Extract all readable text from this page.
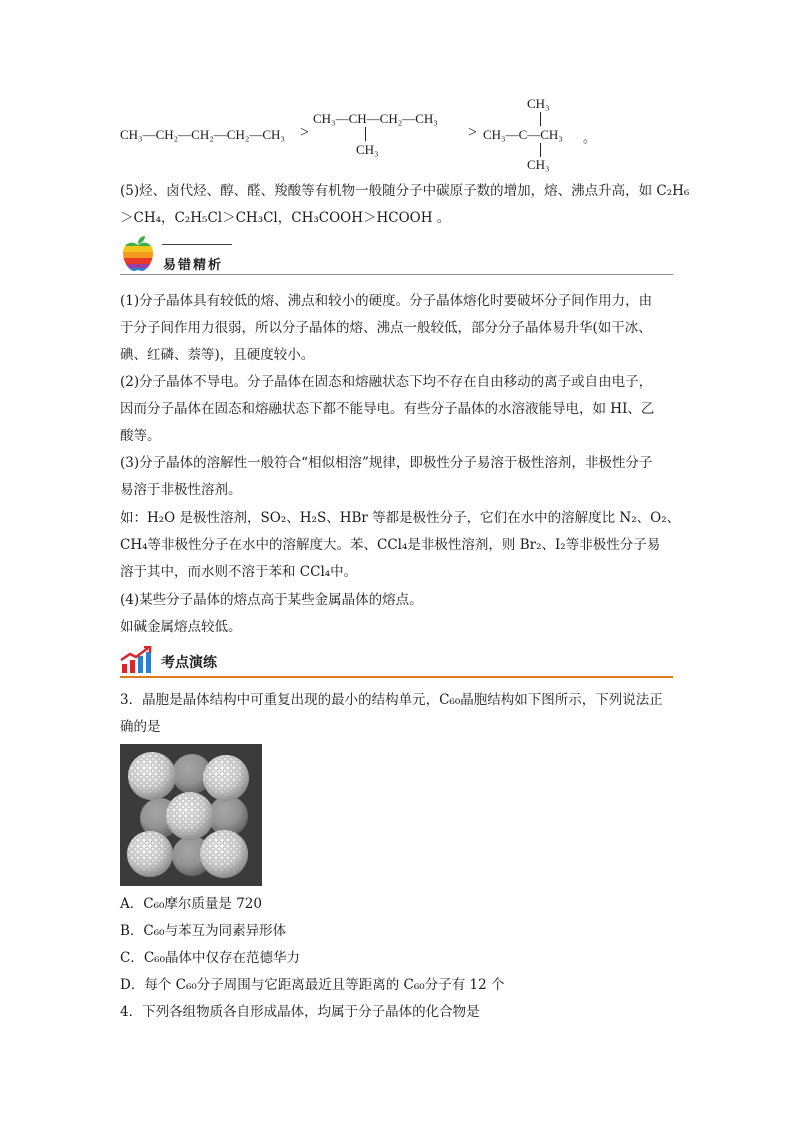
CH₃—CH₂—CH₂—CH₂—CH₃ >
CH₃—CH—CH₂—CH₃
CH₃
>
CH₃
CH₃—C—CH₃
CH₃
。
(5)烃、卤代烃、醇、醛、羧酸等有机物一般随分子中碳原子数的增加，熔、沸点升高，如 C₂H₆
＞CH₄，C₂H₅Cl＞CH₃Cl，CH₃COOH＞HCOOH 。
易错精析
(1)分子晶体具有较低的熔、沸点和较小的硬度。分子晶体熔化时要破坏分子间作用力，由
于分子间作用力很弱，所以分子晶体的熔、沸点一般较低，部分分子晶体易升华(如干冰、
碘、红磷、萘等)，且硬度较小。
(2)分子晶体不导电。分子晶体在固态和熔融状态下均不存在自由移动的离子或自由电子，
因而分子晶体在固态和熔融状态下都不能导电。有些分子晶体的水溶液能导电，如 HI、乙
酸等。
(3)分子晶体的溶解性一般符合“相似相溶”规律，即极性分子易溶于极性溶剂，非极性分子
易溶于非极性溶剂。
如：H₂O 是极性溶剂，SO₂、H₂S、HBr 等都是极性分子，它们在水中的溶解度比 N₂、O₂、
CH₄等非极性分子在水中的溶解度大。苯、CCl₄是非极性溶剂，则 Br₂、I₂等非极性分子易
溶于其中，而水则不溶于苯和 CCl₄中。
(4)某些分子晶体的熔点高于某些金属晶体的熔点。
如碱金属熔点较低。
考点演练
3．晶胞是晶体结构中可重复出现的最小的结构单元，C₆₀晶胞结构如下图所示，下列说法正
确的是
A．C₆₀摩尔质量是 720
B．C₆₀与苯互为同素异形体
C．C₆₀晶体中仅存在范德华力
D．每个 C₆₀分子周围与它距离最近且等距离的 C₆₀分子有 12 个
4．下列各组物质各自形成晶体，均属于分子晶体的化合物是
